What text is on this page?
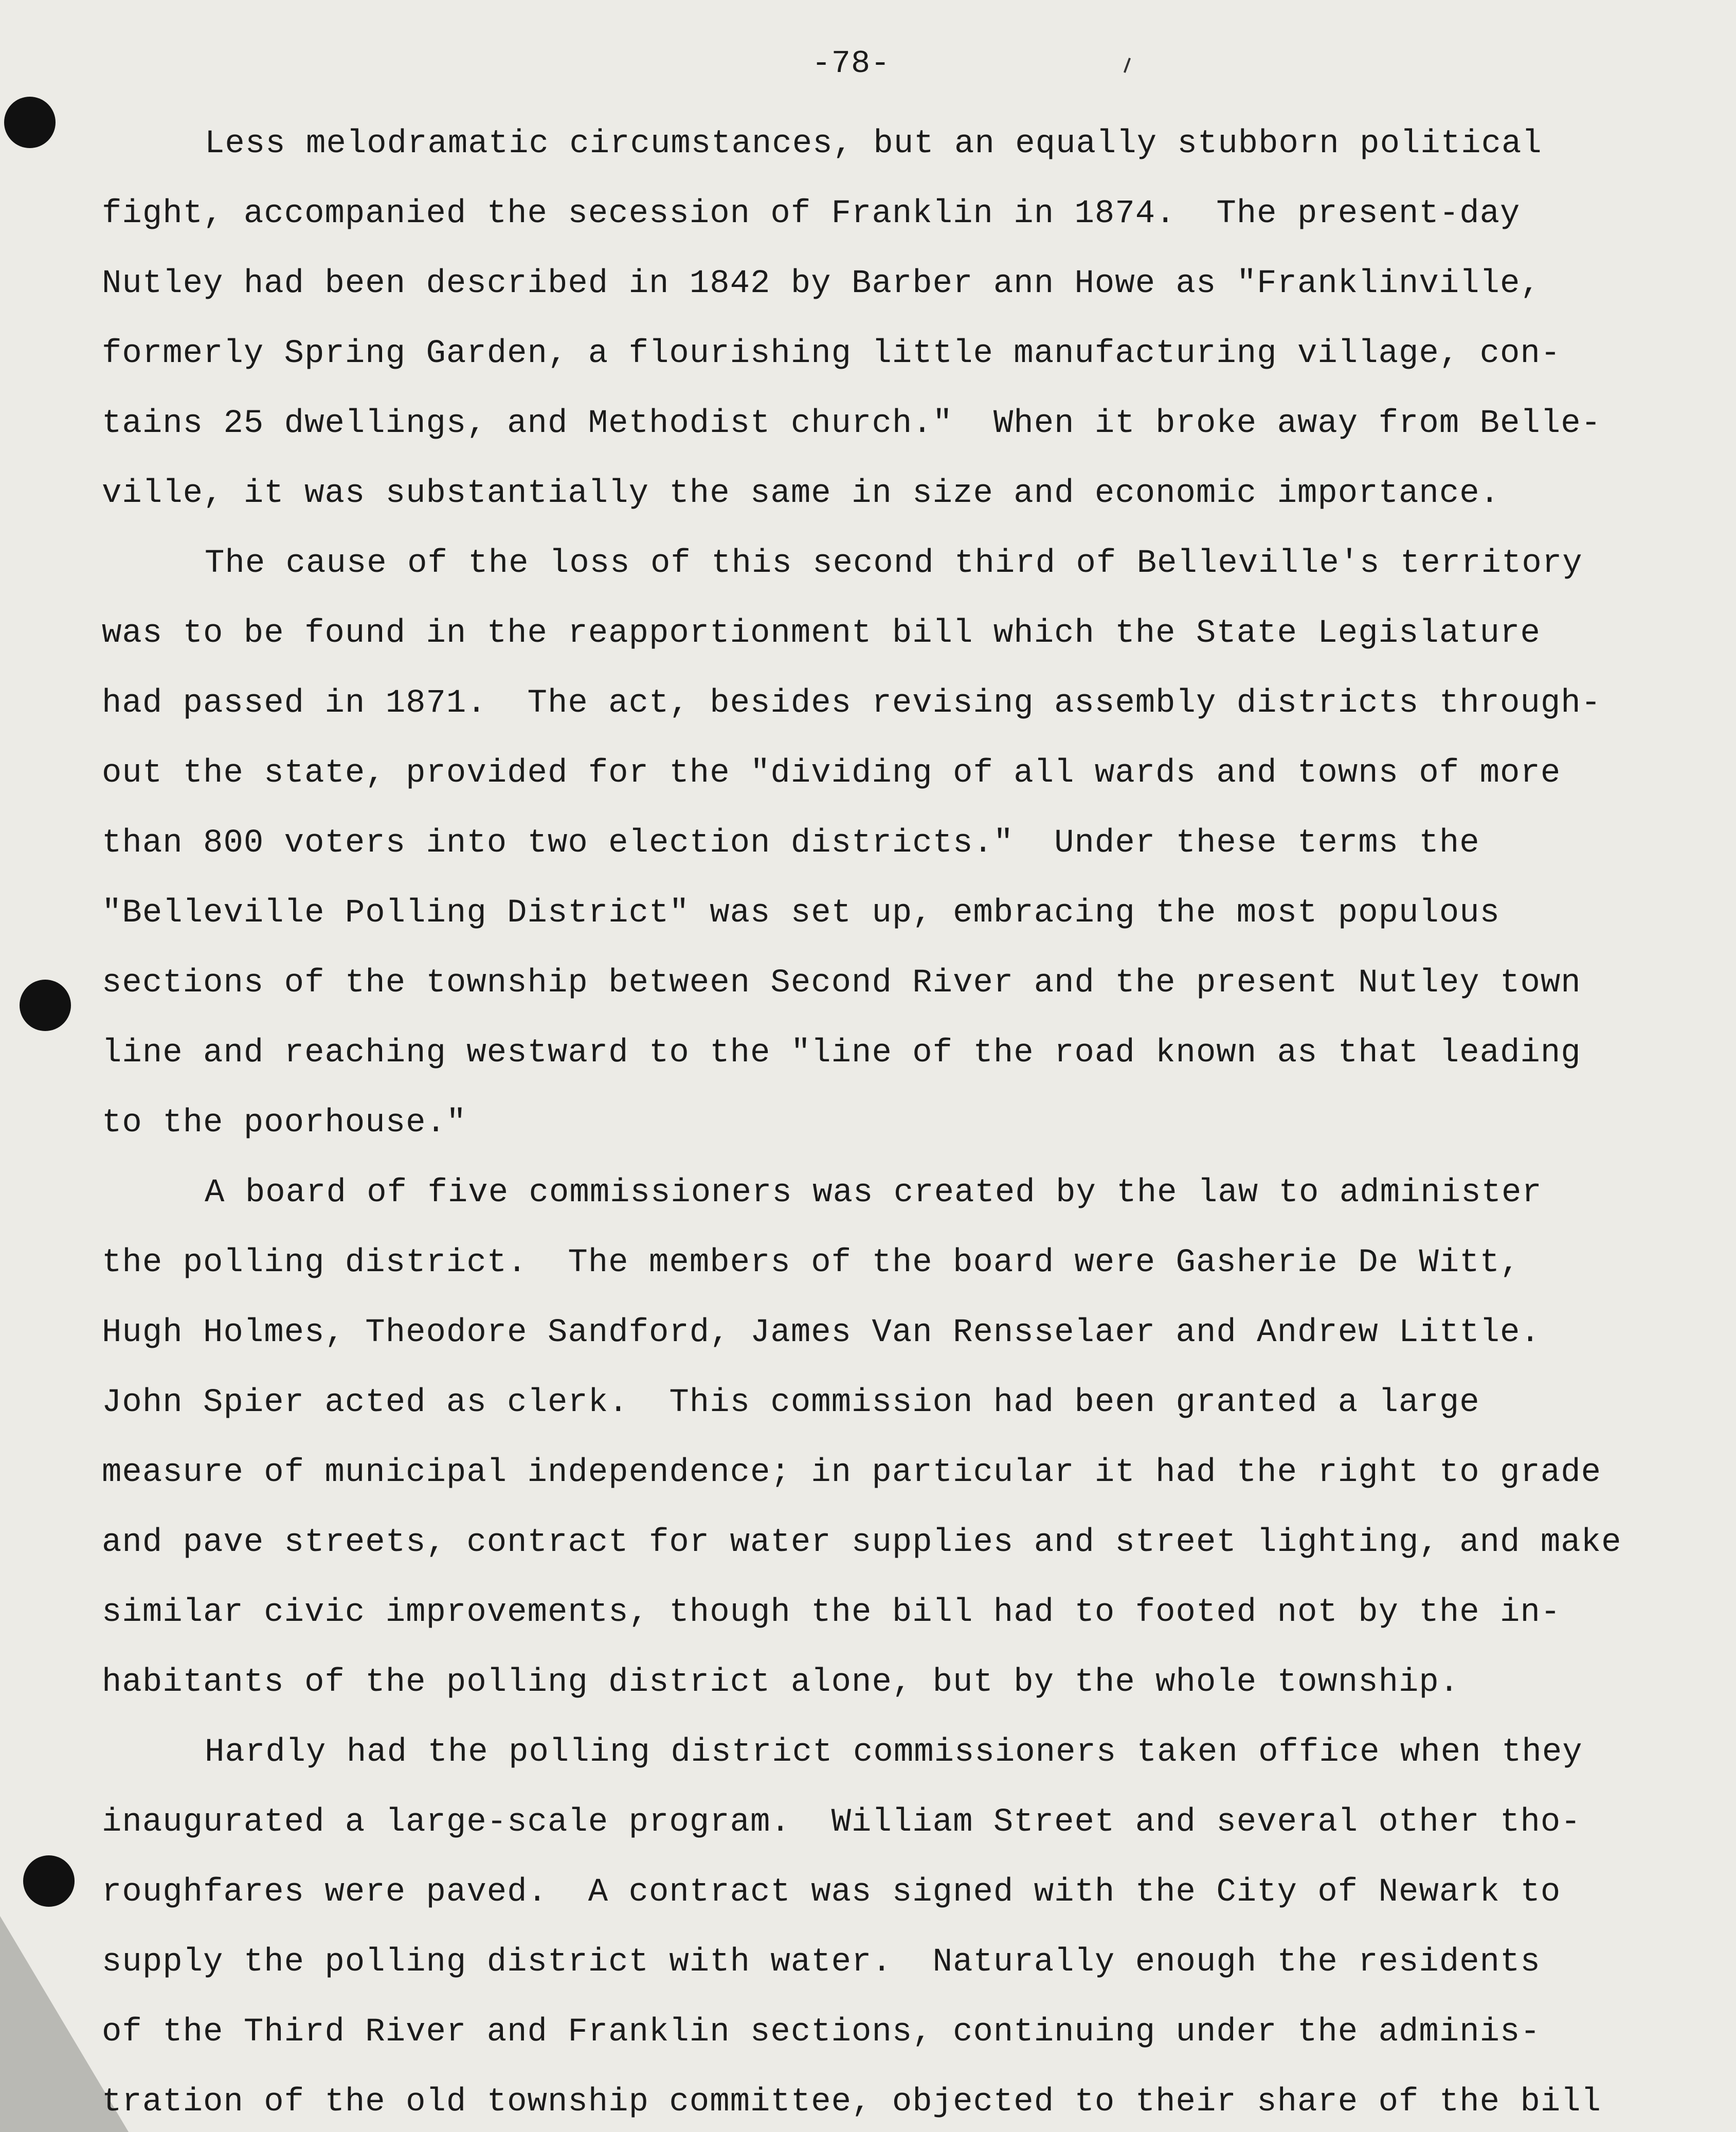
-78-
Less melodramatic circumstances, but an equally stubborn political
fight, accompanied the secession of Franklin in 1874.  The present-day
Nutley had been described in 1842 by Barber ann Howe as "Franklinville,
formerly Spring Garden, a flourishing little manufacturing village, con-
tains 25 dwellings, and Methodist church."  When it broke away from Belle-
ville, it was substantially the same in size and economic importance.
The cause of the loss of this second third of Belleville's territory
was to be found in the reapportionment bill which the State Legislature
had passed in 1871.  The act, besides revising assembly districts through-
out the state, provided for the "dividing of all wards and towns of more
than 800 voters into two election districts."  Under these terms the
"Belleville Polling District" was set up, embracing the most populous
sections of the township between Second River and the present Nutley town
line and reaching westward to the "line of the road known as that leading
to the poorhouse."
A board of five commissioners was created by the law to administer
the polling district.  The members of the board were Gasherie De Witt,
Hugh Holmes, Theodore Sandford, James Van Rensselaer and Andrew Little.
John Spier acted as clerk.  This commission had been granted a large
measure of municipal independence; in particular it had the right to grade
and pave streets, contract for water supplies and street lighting, and make
similar civic improvements, though the bill had to footed not by the in-
habitants of the polling district alone, but by the whole township.
Hardly had the polling district commissioners taken office when they
inaugurated a large-scale program.  William Street and several other tho-
roughfares were paved.  A contract was signed with the City of Newark to
supply the polling district with water.  Naturally enough the residents
of the Third River and Franklin sections, continuing under the adminis-
tration of the old township committee, objected to their share of the bill
